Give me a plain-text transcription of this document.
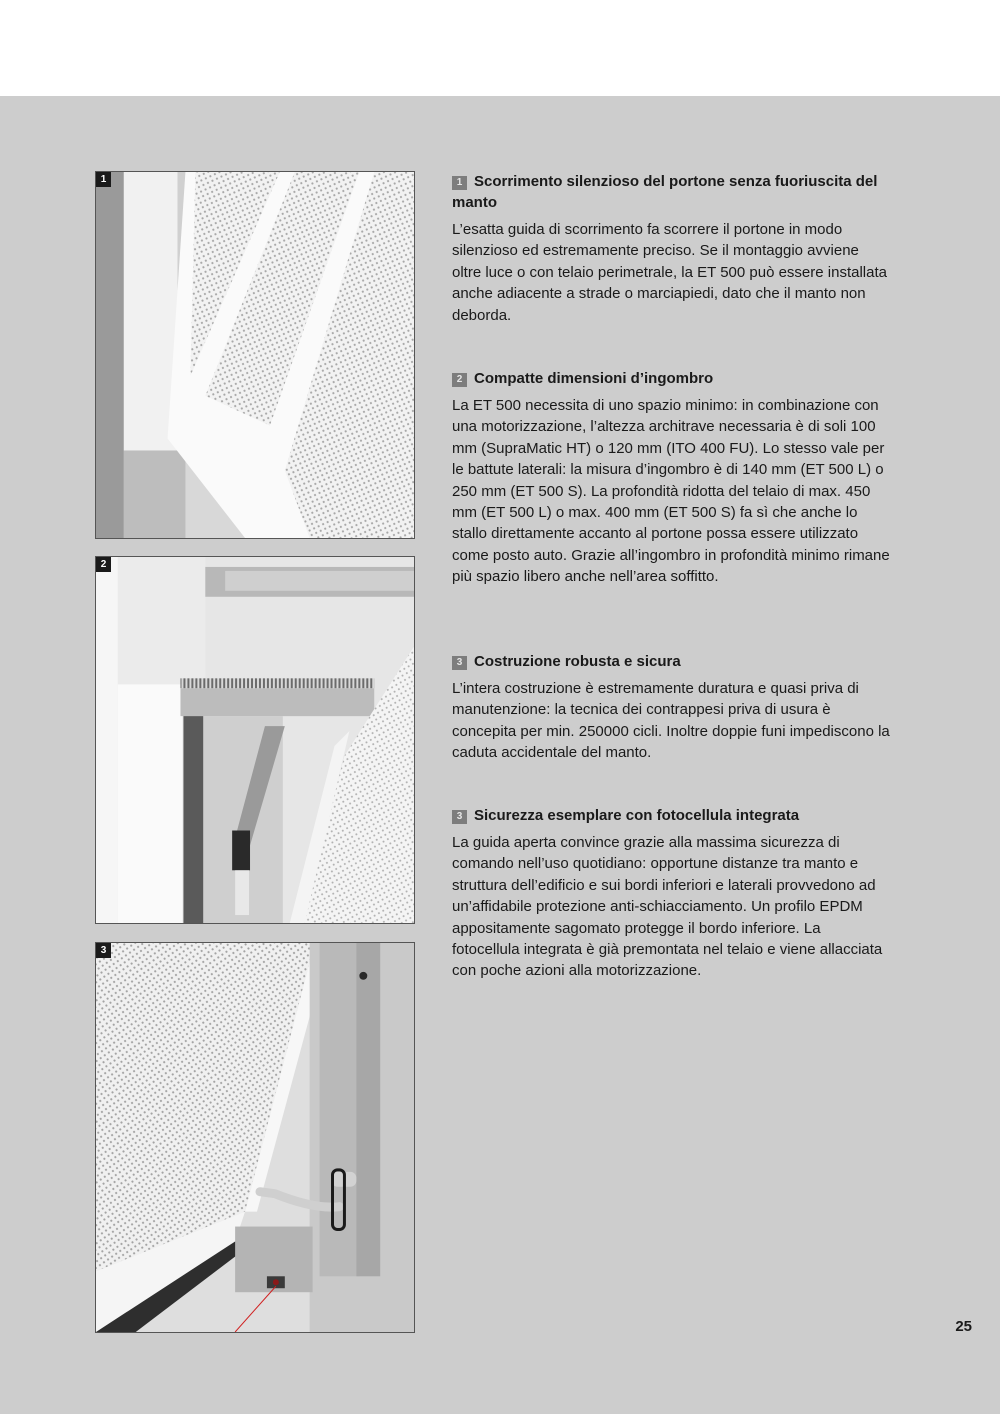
1
2
3

1 Scorrimento silenzioso del portone senza fuoriuscita del manto

L’esatta guida di scorrimento fa scorrere il portone in modo silenzioso ed estremamente preciso. Se il montaggio avviene oltre luce o con telaio perimetrale, la ET 500 può essere installata anche adiacente a strade o marciapiedi, dato che il manto non deborda.

2 Compatte dimensioni d’ingombro

La ET 500 necessita di uno spazio minimo: in combinazione con una motorizzazione, l’altezza architrave necessaria è di soli 100 mm (SupraMatic HT) o 120 mm (ITO 400 FU). Lo stesso vale per le battute laterali: la misura d’ingombro è di 140 mm (ET 500 L) o 250 mm (ET 500 S). La profondità ridotta del telaio di max. 450 mm (ET 500 L) o max. 400 mm (ET 500 S) fa sì che anche lo stallo direttamente accanto al portone possa essere utilizzato come posto auto. Grazie all’ingombro in profondità minimo rimane più spazio libero anche nell’area soffitto.

3 Costruzione robusta e sicura

L’intera costruzione è estremamente duratura e quasi priva di manutenzione: la tecnica dei contrappesi priva di usura è concepita per min. 250000 cicli. Inoltre doppie funi impediscono la caduta accidentale del manto.

3 Sicurezza esemplare con fotocellula integrata

La guida aperta convince grazie alla massima sicurezza di comando nell’uso quotidiano: opportune distanze tra manto e struttura dell’edificio e sui bordi inferiori e laterali provvedono ad un’affidabile protezione anti-schiacciamento. Un profilo EPDM appositamente sagomato protegge il bordo inferiore. La fotocellula integrata è già premontata nel telaio e viene allacciata con poche azioni alla motorizzazione.

25
